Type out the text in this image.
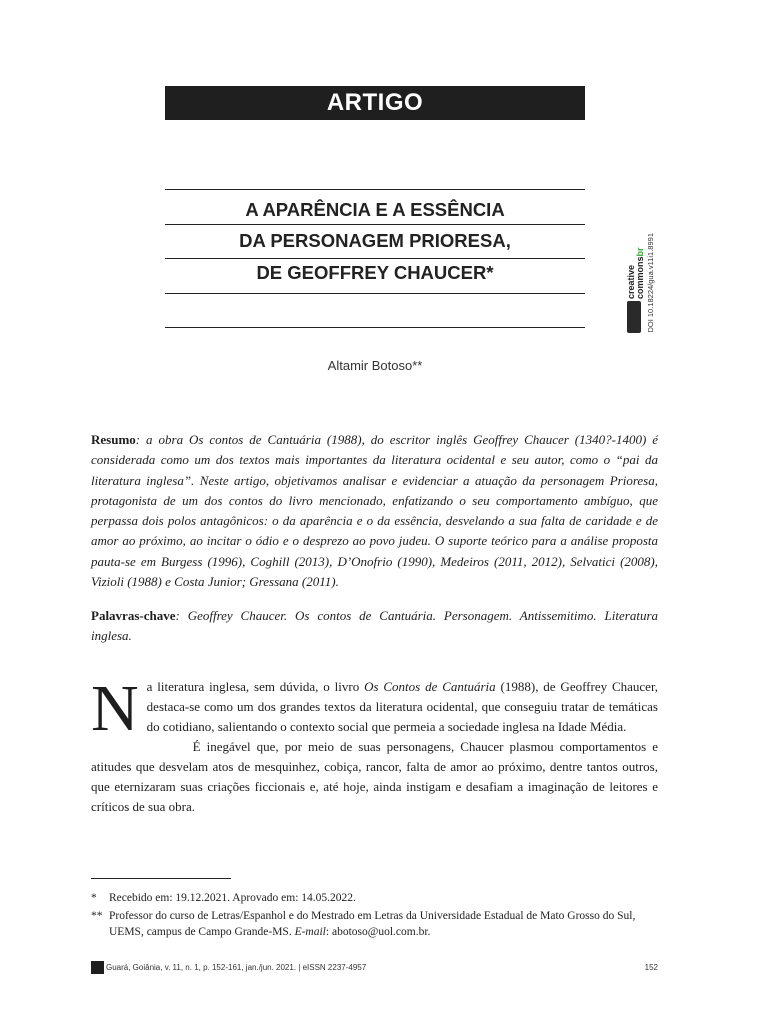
ARTIGO
A APARÊNCIA E A ESSÊNCIA
DA PERSONAGEM PRIORESA,
DE GEOFFREY CHAUCER*	creative commonsbr DOI 10.18224/gua.v11i1.8991
Altamir Botoso**

Resumo: a obra Os contos de Cantuária (1988), do escritor inglês Geoffrey Chaucer (1340?-1400) é considerada como um dos textos mais importantes da literatura ocidental e seu autor, como o “pai da literatura inglesa”. Neste artigo, objetivamos analisar e evidenciar a atuação da personagem Prioresa, protagonista de um dos contos do livro mencionado, enfatizando o seu comportamento ambíguo, que perpassa dois polos antagônicos: o da aparência e o da essência, desvelando a sua falta de caridade e de amor ao próximo, ao incitar o ódio e o desprezo ao povo judeu. O suporte teórico para a análise proposta pauta-se em Burgess (1996), Coghill (2013), D’Onofrio (1990), Medeiros (2011, 2012), Selvatici (2008), Vizioli (1988) e Costa Junior; Gressana (2011).

Palavras-chave: Geoffrey Chaucer. Os contos de Cantuária. Personagem. Antissemitimo. Literatura inglesa.

N a literatura inglesa, sem dúvida, o livro Os Contos de Cantuária (1988), de Geoffrey Chaucer, destaca-se como um dos grandes textos da literatura ocidental, que conseguiu tratar de temáticas do cotidiano, salientando o contexto social que permeia a sociedade inglesa na Idade Média.

É inegável que, por meio de suas personagens, Chaucer plasmou comportamentos e atitudes que desvelam atos de mesquinhez, cobiça, rancor, falta de amor ao próximo, dentre tantos outros, que eternizaram suas criações ficcionais e, até hoje, ainda instigam e desafiam a imaginação de leitores e críticos de sua obra.

* Recebido em: 19.12.2021. Aprovado em: 14.05.2022.
** Professor do curso de Letras/Espanhol e do Mestrado em Letras da Universidade Estadual de Mato Grosso do Sul, UEMS, campus de Campo Grande-MS. E-mail: abotoso@uol.com.br.
Guará, Goiânia, v. 11, n. 1, p. 152-161, jan./jun. 2021. | eISSN 2237-4957	152
